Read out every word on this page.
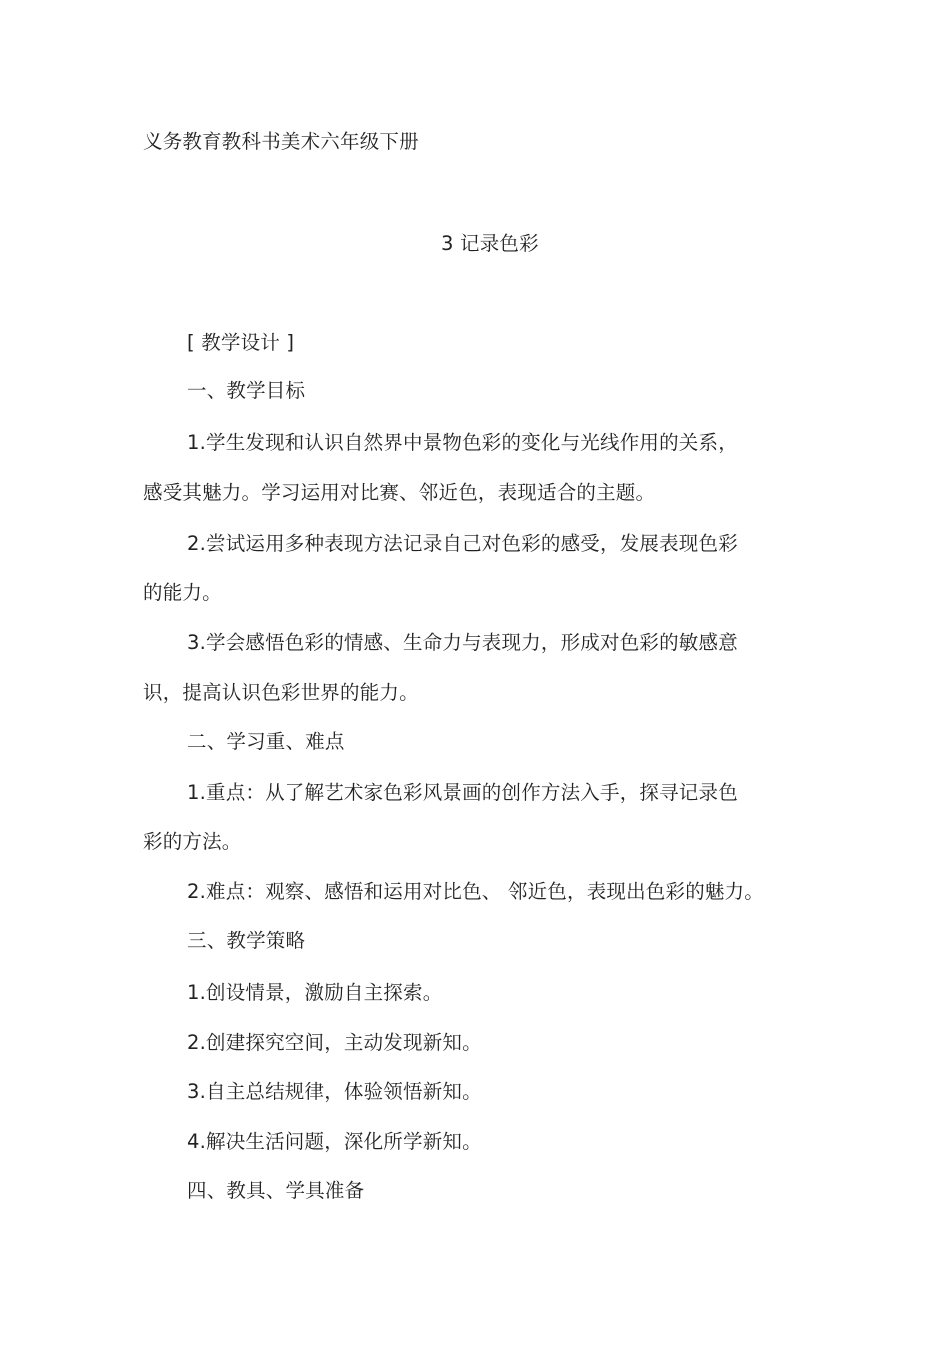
义务教育教科书美术六年级下册
3 记录色彩
[ 教学设计 ]
一、教学目标
1.学生发现和认识自然界中景物色彩的变化与光线作用的关系，
感受其魅力。学习运用对比赛、邻近色，表现适合的主题。
2.尝试运用多种表现方法记录自己对色彩的感受，发展表现色彩
的能力。
3.学会感悟色彩的情感、生命力与表现力，形成对色彩的敏感意
识，提高认识色彩世界的能力。
二、学习重、难点
1.重点：从了解艺术家色彩风景画的创作方法入手，探寻记录色
彩的方法。
2.难点：观察、感悟和运用对比色、 邻近色，表现出色彩的魅力。
三、教学策略
1.创设情景，激励自主探索。
2.创建探究空间，主动发现新知。
3.自主总结规律，体验领悟新知。
4.解决生活问题，深化所学新知。
四、教具、学具准备
